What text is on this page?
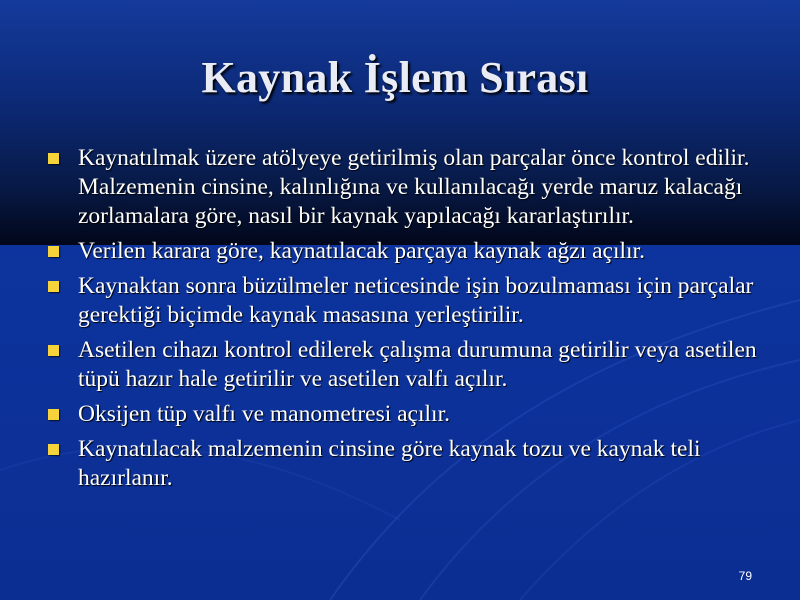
Kaynak İşlem Sırası
Kaynatılmak üzere atölyeye getirilmiş olan parçalar önce kontrol edilir. Malzemenin cinsine, kalınlığına ve kullanılacağı yerde maruz kalacağı zorlamalara göre, nasıl bir kaynak yapılacağı kararlaştırılır.
Verilen karara göre, kaynatılacak parçaya kaynak ağzı açılır.
Kaynaktan sonra büzülmeler neticesinde işin bozulmaması için parçalar gerektiği biçimde kaynak masasına yerleştirilir.
Asetilen cihazı kontrol edilerek çalışma durumuna getirilir veya asetilen tüpü hazır hale getirilir ve asetilen valfı açılır.
Oksijen tüp valfı ve manometresi açılır.
Kaynatılacak malzemenin cinsine göre kaynak tozu ve kaynak teli hazırlanır.
79
